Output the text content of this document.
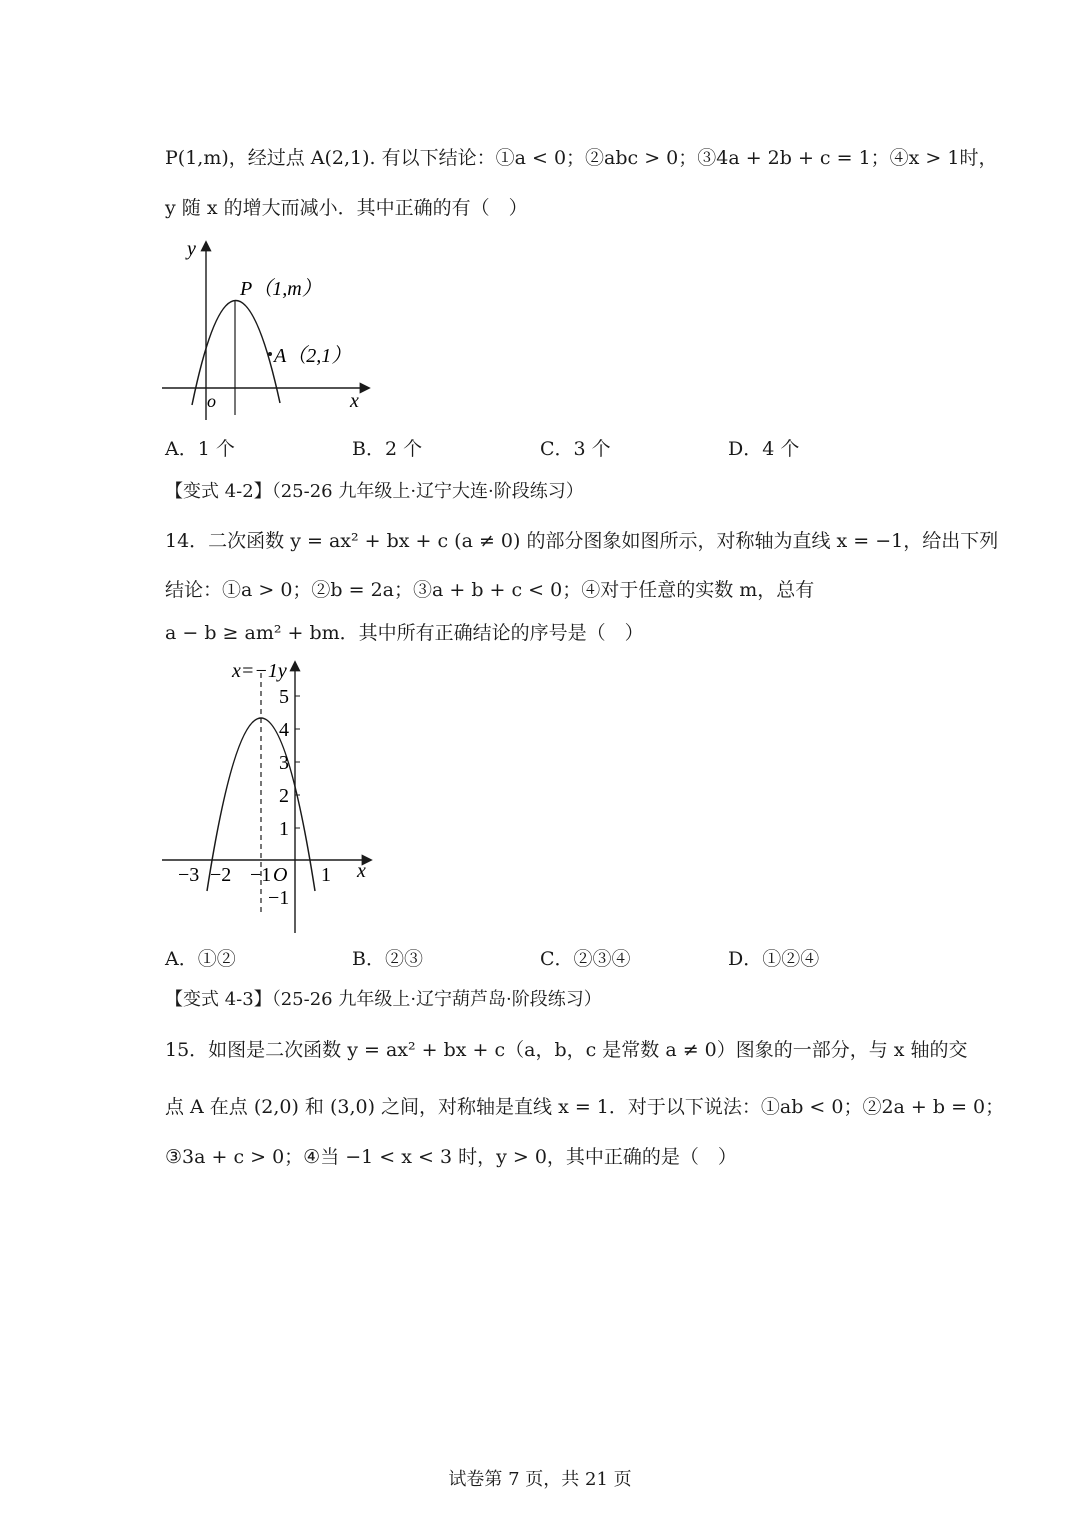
P(1,m)，经过点 A(2,1). 有以下结论：①a < 0；②abc > 0；③4a + 2b + c = 1；④x > 1时，
y 随 x 的增大而减小．其中正确的有（　）
y
x
o
P（1,m）
A（2,1）
A．1 个	B．2 个	C．3 个	D．4 个
【变式 4-2】（25-26 九年级上·辽宁大连·阶段练习）
14．二次函数 y = ax² + bx + c (a ≠ 0) 的部分图象如图所示，对称轴为直线 x = −1，给出下列
结论：①a > 0；②b = 2a；③a + b + c < 0；④对于任意的实数 m，总有
a − b ≥ am² + bm．其中所有正确结论的序号是（　）
x=−1y
5
4
3
2
1
−1
−3 −2 −1 O 1 x
A．①②	B．②③	C．②③④	D．①②④
【变式 4-3】（25-26 九年级上·辽宁葫芦岛·阶段练习）
15．如图是二次函数 y = ax² + bx + c（a，b，c 是常数 a ≠ 0）图象的一部分，与 x 轴的交
点 A 在点 (2,0) 和 (3,0) 之间，对称轴是直线 x = 1．对于以下说法：①ab < 0；②2a + b = 0；
③3a + c > 0；④当 −1 < x < 3 时，y > 0，其中正确的是（　）
试卷第 7 页，共 21 页
